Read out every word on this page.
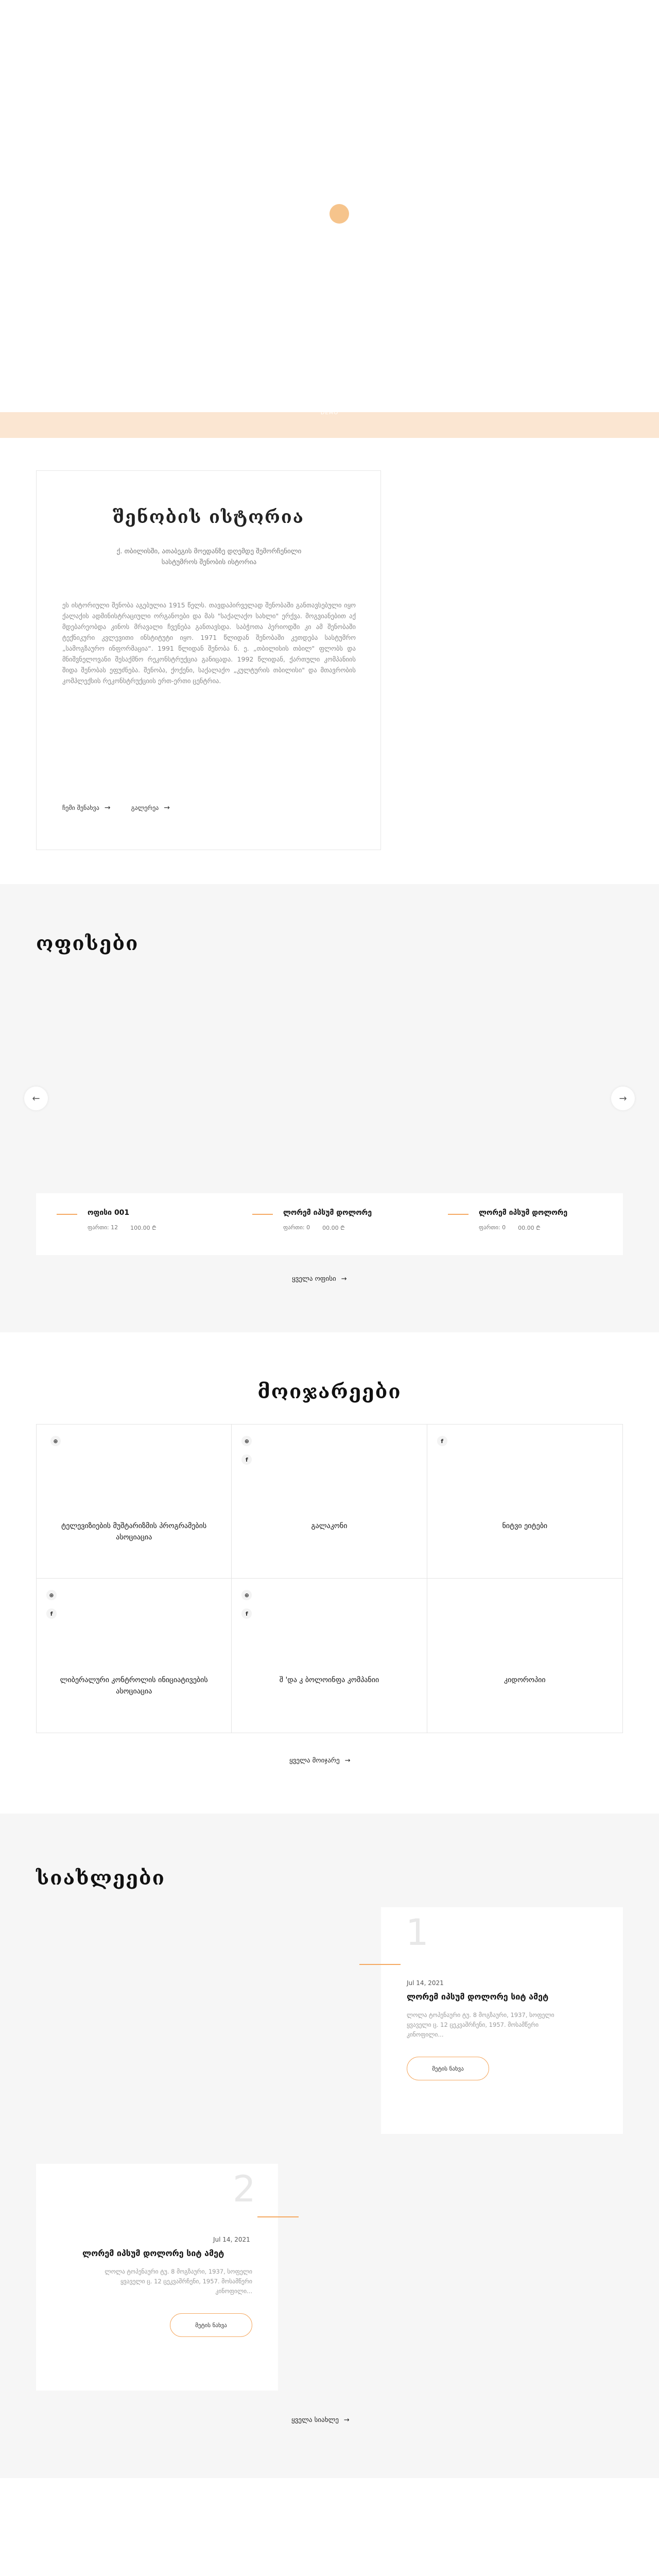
DEMO
შენობის ისტორია

ქ. თბილისში, ათაბეგის მოედანზე დღემდე შემორჩენილი სასტუმროს შენობის ისტორია

ეს ისტორიული შენობა აგებულია 1915 წელს. თავდაპირველად შენობაში განთავსებული იყო ქალაქის ადმინისტრაციული ორგანოები და მას "საქალაქო სახლი" ერქვა. მოგვიანებით აქ მდებარეობდა კინოს მრავალი ჩვენება განთავსდა. საბჭოთა პერიოდში კი ამ შენობაში ტექნიკური კვლევითი ინსტიტუტი იყო. 1971 წლიდან შენობაში კეთდება სასტუმრო „სამოგზაურო ინფორმაცია“. 1991 წლიდან შენობა ნ. ე. „თბილისის თბილ" ფლობს და მნიშვნელოვანი შესაქმნო რეკონსტრუქცია განიცადა. 1992 წლიდან, ქართული კომპანიის შიდა შენობას ეფუძნება. შენობა, ქოქენი, საქალაქო „კულტურის თბილისი" და მთავრობის კომპლექსის რეკონსტრუქციის ერთ-ერთი ცენტრია.

ჩემი შენახვა →	გალერეა →
ოფისები
←	→
ყველა ოფისი →
ოფისი 001
ფართი: 12 100.00 ₾
ლორემ იპსუმ დოლორე
ფართი: 0 00.00 ₾
ლორემ იპსუმ დოლორე
ფართი: 0 00.00 ₾
მოიჯარეები
⊕
ტელევიზიების მუშტარიზმის პროგრამების ასოციაცია
⊕
f
გალაკონი
f
ნიტვი ეიტები
⊕
f
ლიბერალური კონტროლის ინიციატივების ასოციაცია
⊕
f
შ 'და კ ბოლოინფა კომპანიი	კიდოროპიი
ყველა მოიჯარე →
სიახლეები
1
Jul 14, 2021
ლორემ იპსუმ დოლორე სიტ ამეტ
ლოლა ტოპენაური ტუ. 8 მოგზაური, 1937, სოფელი ყვაველი ც. 12 ცეკვაშრჩენი, 1957. მოსამწერი კინოფილი...
მეტის ნახვა
2
Jul 14, 2021
ლორემ იპსუმ დოლორე სიტ ამეტ
ლოლა ტოპენაური ტუ. 8 მოგზაური, 1937, სოფელი ყვაველი ც. 12 ცეკვაშრჩენი, 1957. მოსამწერი კინოფილი...
მეტის ნახვა
ყველა სიახლე →
